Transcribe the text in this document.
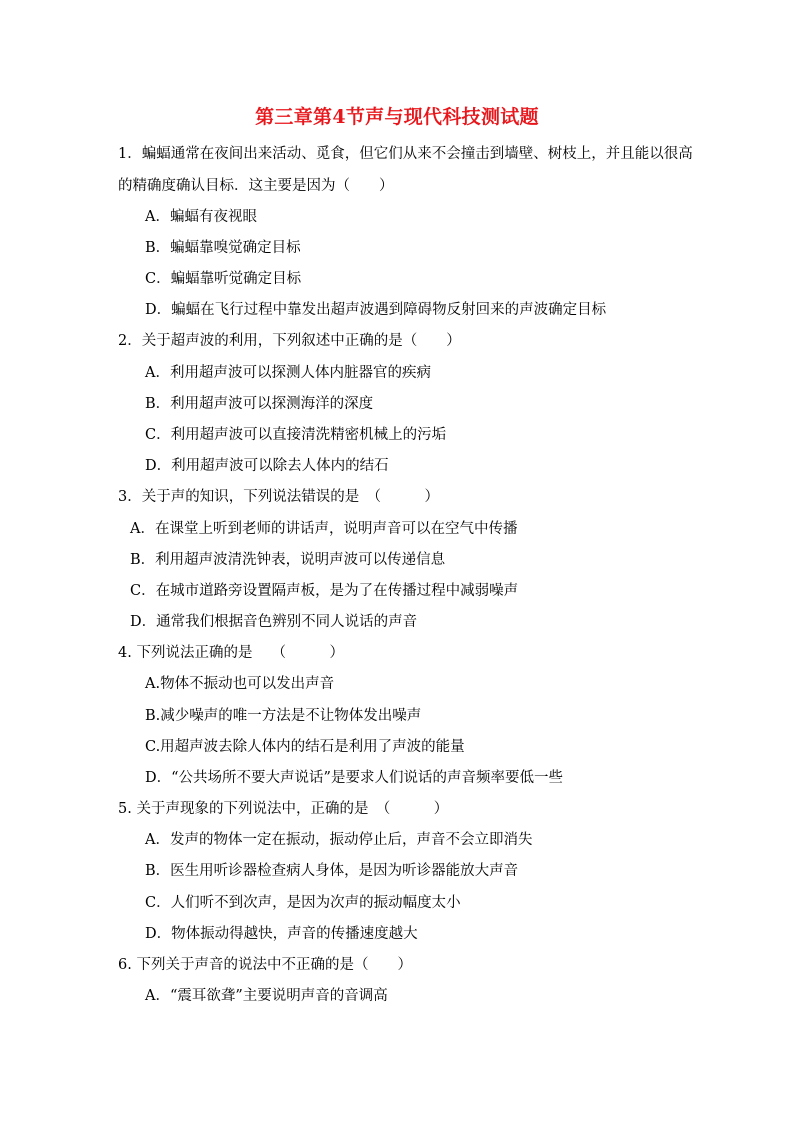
第三章第4节声与现代科技测试题
1．蝙蝠通常在夜间出来活动、觅食，但它们从来不会撞击到墙壁、树枝上，并且能以很高
的精确度确认目标．这主要是因为（　　）
A．蝙蝠有夜视眼
B．蝙蝠靠嗅觉确定目标
C．蝙蝠靠听觉确定目标
D．蝙蝠在飞行过程中靠发出超声波遇到障碍物反射回来的声波确定目标
2．关于超声波的利用，下列叙述中正确的是（　　）
A．利用超声波可以探测人体内脏器官的疾病
B．利用超声波可以探测海洋的深度
C．利用超声波可以直接清洗精密机械上的污垢
D．利用超声波可以除去人体内的结石
3．关于声的知识，下列说法错误的是　（　　　）
A．在课堂上听到老师的讲话声，说明声音可以在空气中传播
B．利用超声波清洗钟表，说明声波可以传递信息
C．在城市道路旁设置隔声板，是为了在传播过程中减弱噪声
D．通常我们根据音色辨别不同人说话的声音
4. 下列说法正确的是　 （　　　）
A.物体不振动也可以发出声音
B.减少噪声的唯一方法是不让物体发出噪声
C.用超声波去除人体内的结石是利用了声波的能量
D．“公共场所不要大声说话”是要求人们说话的声音频率要低一些
5. 关于声现象的下列说法中，正确的是　（　　　）
A．发声的物体一定在振动，振动停止后，声音不会立即消失
B．医生用听诊器检查病人身体，是因为听诊器能放大声音
C．人们听不到次声，是因为次声的振动幅度太小
D．物体振动得越快，声音的传播速度越大
6. 下列关于声音的说法中不正确的是（　　）
A．“震耳欲聋”主要说明声音的音调高
